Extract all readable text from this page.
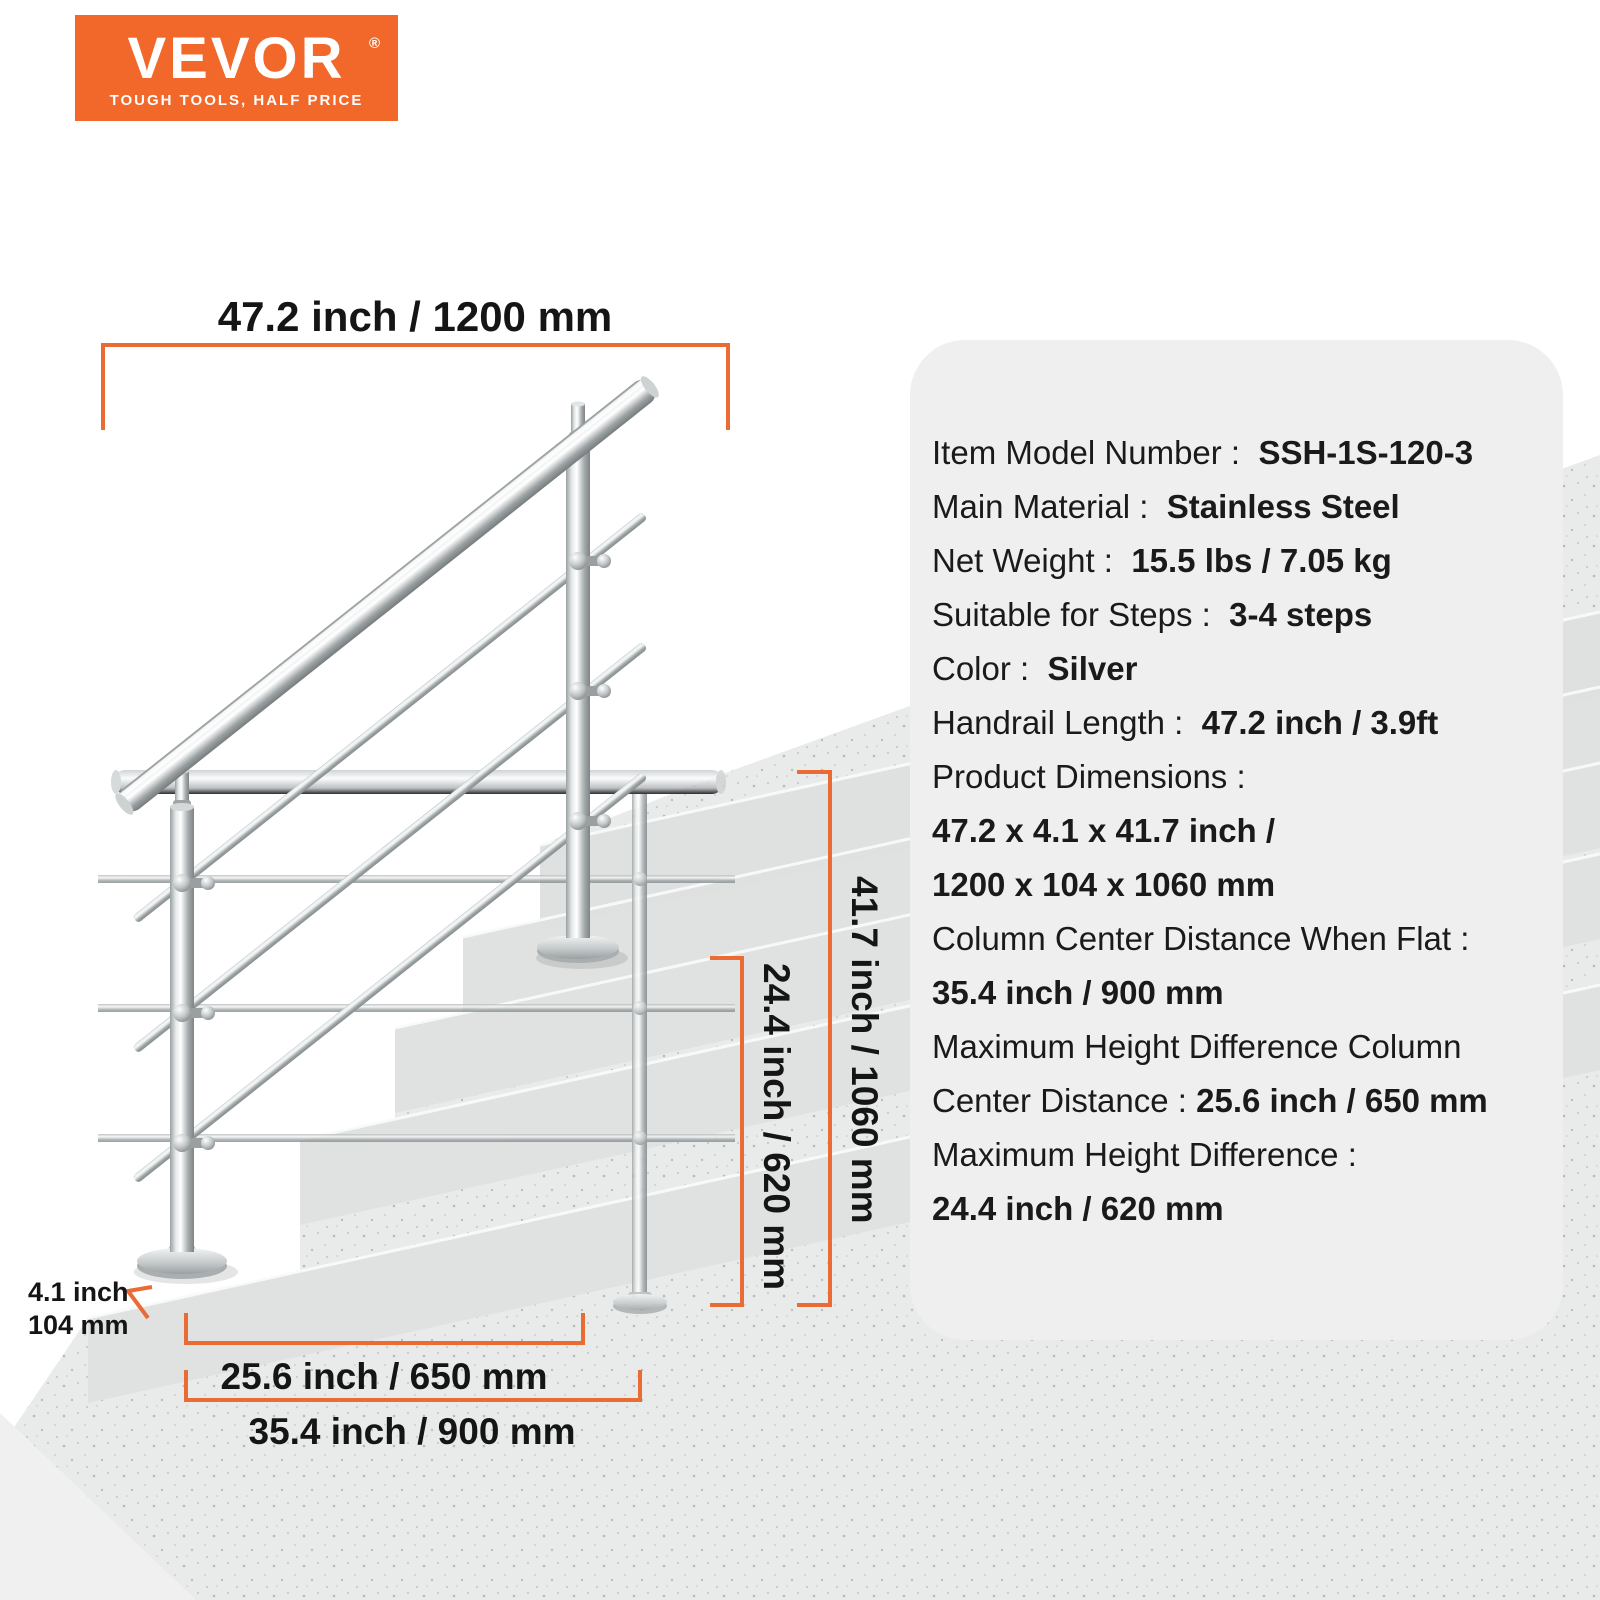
VEVOR	®
TOUGH TOOLS, HALF PRICE
47.2 inch / 1200 mm
41.7 inch / 1060 mm
24.4 inch / 620 mm
4.1 inch
104 mm
25.6 inch / 650 mm
35.4 inch / 900 mm
Item Model Number :  SSH-1S-120-3
Main Material :  Stainless Steel
Net Weight :  15.5 lbs / 7.05 kg
Suitable for Steps :  3-4 steps
Color :  Silver
Handrail Length :  47.2 inch / 3.9ft
Product Dimensions :
47.2 x 4.1 x 41.7 inch /
1200 x 104 x 1060 mm
Column Center Distance When Flat :
35.4 inch / 900 mm
Maximum Height Difference Column
Center Distance : 25.6 inch / 650 mm
Maximum Height Difference :
24.4 inch / 620 mm
